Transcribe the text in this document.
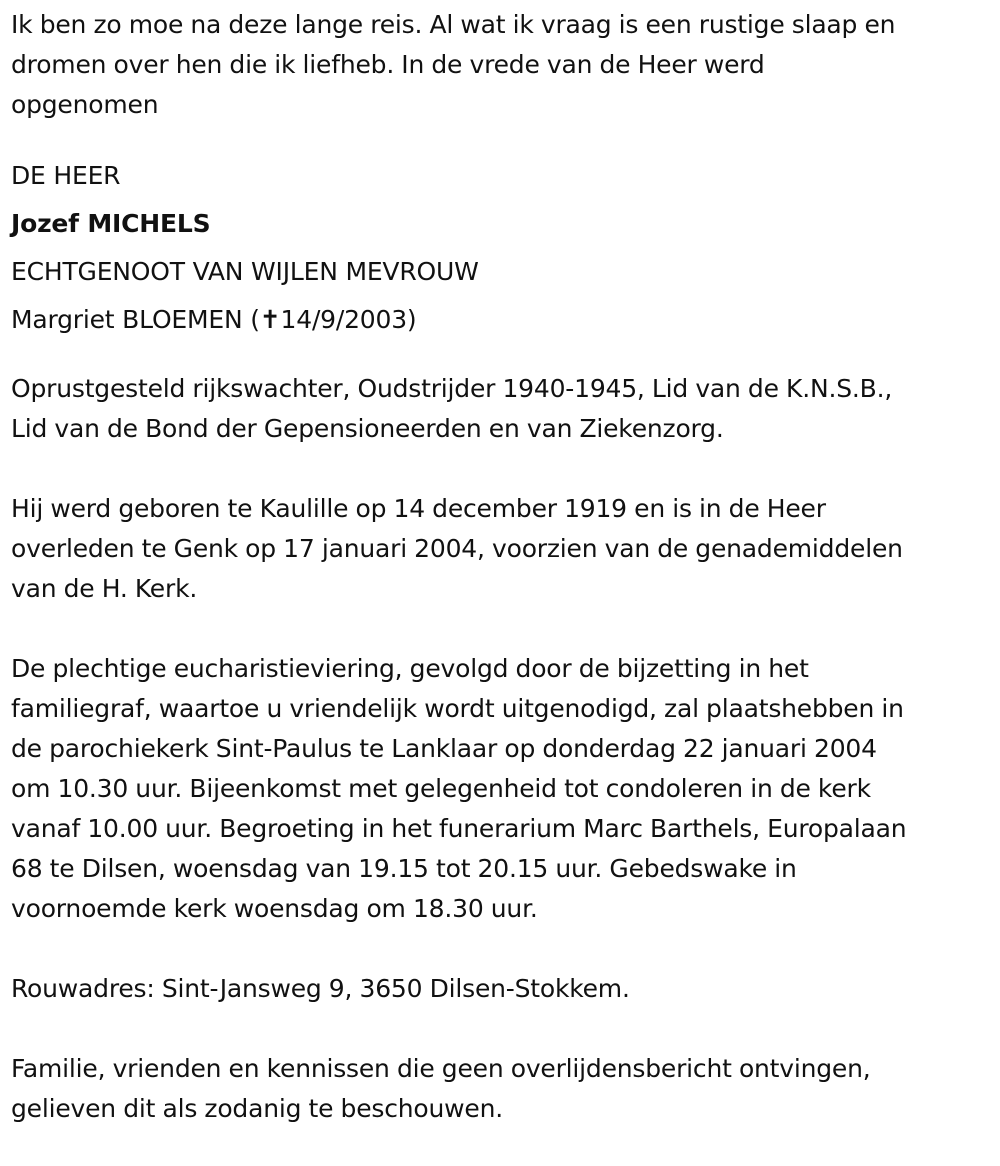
Ik ben zo moe na deze lange reis. Al wat ik vraag is een rustige slaap en
dromen over hen die ik liefheb. In de vrede van de Heer werd
opgenomen

DE HEER
Jozef MICHELS
ECHTGENOOT VAN WIJLEN MEVROUW
Margriet BLOEMEN (✝14/9/2003)

Oprustgesteld rijkswachter, Oudstrijder 1940-1945, Lid van de K.N.S.B.,
Lid van de Bond der Gepensioneerden en van Ziekenzorg.

Hij werd geboren te Kaulille op 14 december 1919 en is in de Heer
overleden te Genk op 17 januari 2004, voorzien van de genademiddelen
van de H. Kerk.

De plechtige eucharistieviering, gevolgd door de bijzetting in het
familiegraf, waartoe u vriendelijk wordt uitgenodigd, zal plaatshebben in
de parochiekerk Sint-Paulus te Lanklaar op donderdag 22 januari 2004
om 10.30 uur. Bijeenkomst met gelegenheid tot condoleren in de kerk
vanaf 10.00 uur. Begroeting in het funerarium Marc Barthels, Europalaan
68 te Dilsen, woensdag van 19.15 tot 20.15 uur. Gebedswake in
voornoemde kerk woensdag om 18.30 uur.

Rouwadres: Sint-Jansweg 9, 3650 Dilsen-Stokkem.

Familie, vrienden en kennissen die geen overlijdensbericht ontvingen,
gelieven dit als zodanig te beschouwen.
